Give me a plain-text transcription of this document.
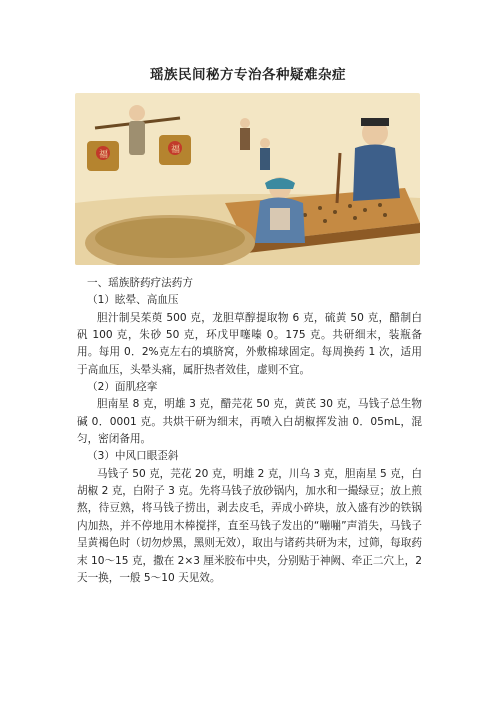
瑶族民间秘方专治各种疑难杂症
福	福

一、瑶族脐药疗法药方

（1）眩晕、高血压

胆汁制吴茱萸 500 克，龙胆草醇提取物 6 克，硫黄 50 克，醋制白矾 100 克，朱砂 50 克，环戊甲噻嗪 0。175 克。共研细末，装瓶备用。每用 0．2%克左右的填脐窝，外敷棉球固定。每周换药 1 次，适用于高血压，头晕头痛，属肝热者效佳，虚则不宜。

（2）面肌痉挛

胆南星 8 克，明雄 3 克，醋芫花 50 克，黄芪 30 克，马钱子总生物碱 0．0001 克。共烘干研为细末，再喷入白胡椒挥发油 0．05mL，混匀，密闭备用。

（3）中风口眼歪斜

马钱子 50 克，芫花 20 克，明雄 2 克，川乌 3 克，胆南星 5 克，白胡椒 2 克，白附子 3 克。先将马钱子放砂锅内，加水和一撮绿豆；放上煎熬，待豆熟，将马钱子捞出，剥去皮毛，弄成小碎块，放入盛有沙的铁锅内加热，并不停地用木棒搅拌，直至马钱子发出的“嘣嘣”声消失，马钱子呈黄褐色时（切勿炒黑，黑则无效），取出与诸药共研为末，过筛，每取药末 10～15 克，撒在 2×3 厘米胶布中央，分别贴于神阙、牵正二穴上，2 天一换，一般 5～10 天见效。
